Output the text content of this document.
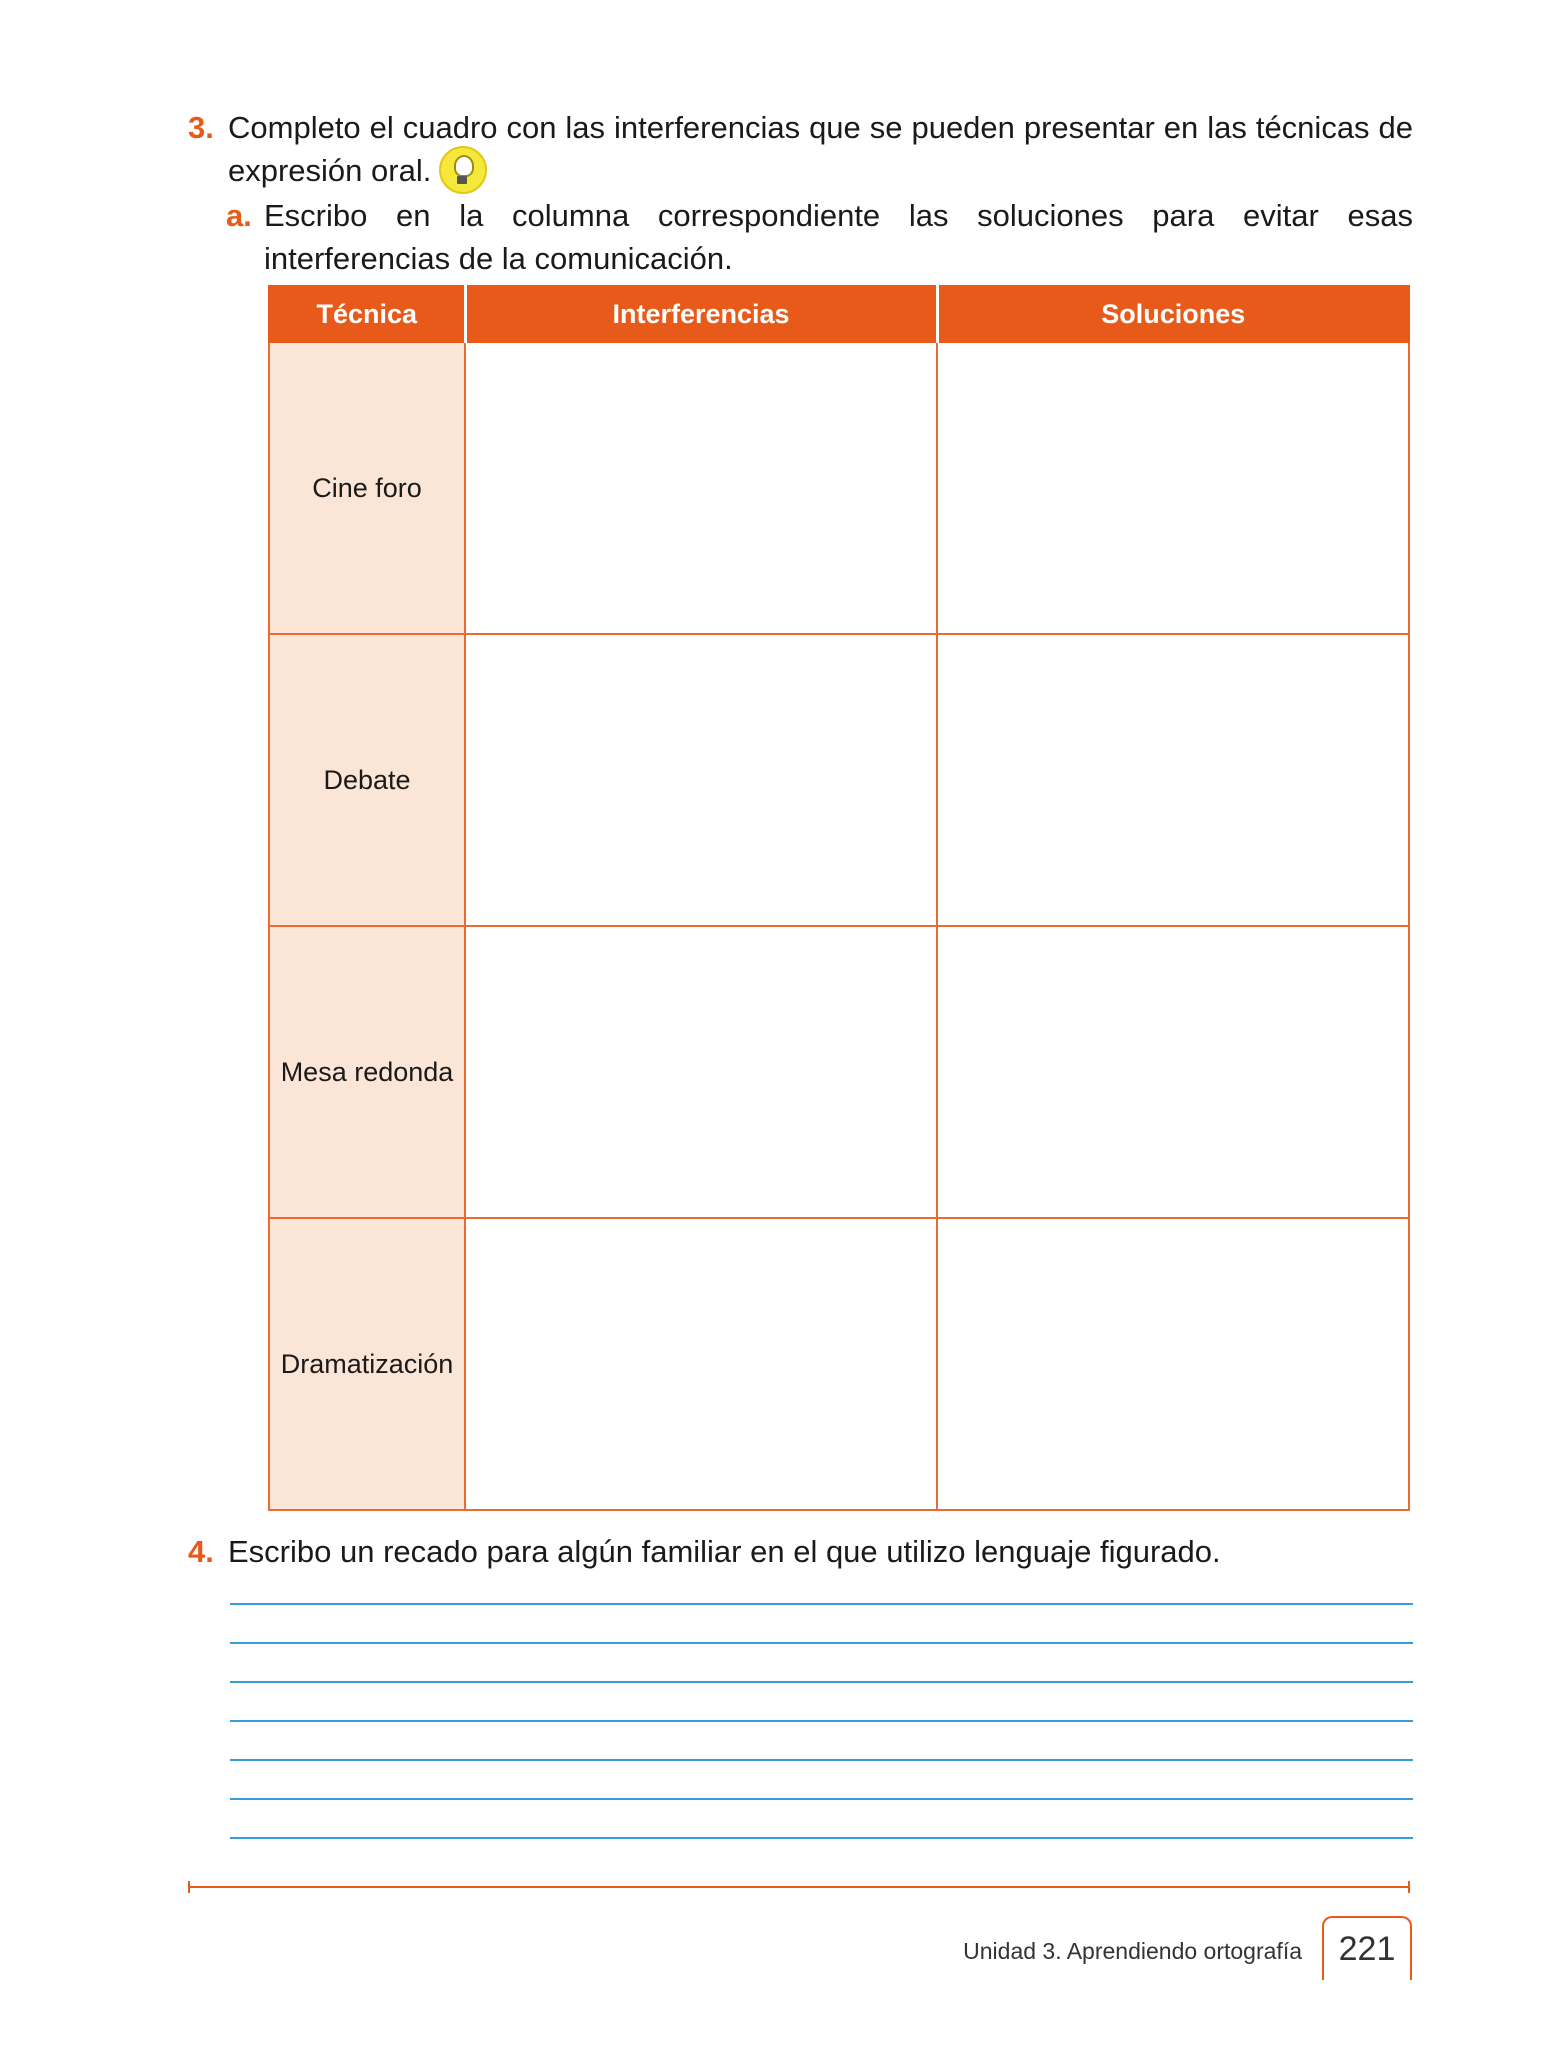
3. Completo el cuadro con las interferencias que se pueden presentar en las técnicas de expresión oral.
a. Escribo en la columna correspondiente las soluciones para evitar esas interferencias de la comunicación.
Técnica	Interferencias	Soluciones
Cine foro		
Debate		
Mesa redonda		
Dramatización		
4. Escribo un recado para algún familiar en el que utilizo lenguaje figurado.
Unidad 3. Aprendiendo ortografía	221
